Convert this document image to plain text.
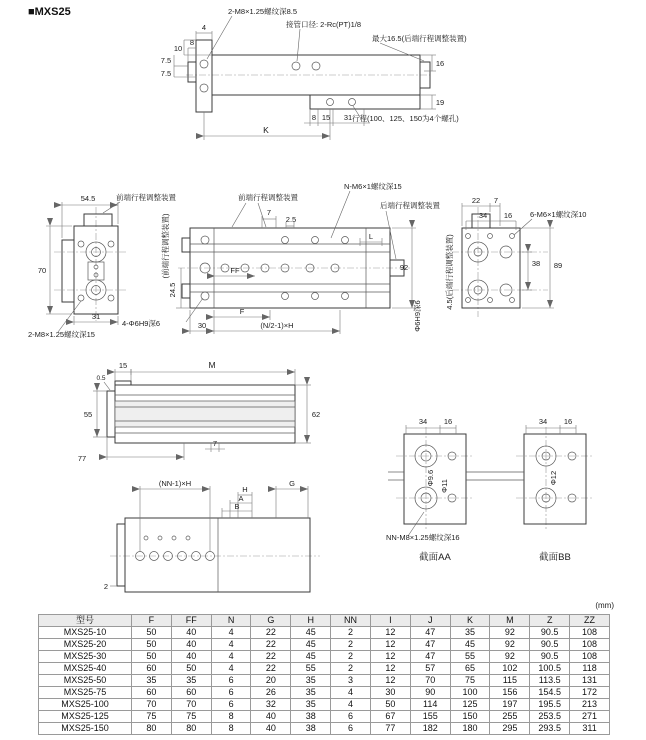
■MXS25	2-M8×1.25螺纹深8.5
接管口径: 2-Rc(PT)1/8
最大16.5(后端行程调整装置)
行程(100、125、150为4个螺孔)
4
8
10
7.5
7.5
16
19
8 15 31
K
54.5	前端行程调整装置
70
31
2-M8×1.25螺纹深15
前端行程调整装置
N-M6×1螺纹深15
后端行程调整装置
(前端行程调整装置)
7
2.5
L
92
24.5
FF
F
30	(N/2-1)×H
4-Φ6H9深6	Φ6H9深6
22 7
34 16 6-M6×1螺纹深10
38 89
4.5(后端行程调整装置)
0.5
15	M
55	62
7
77
(NN-1)×H	G
H
A
B
2
34 16
Φ9.6 Φ11
NN-M8×1.25螺纹深16
截面AA
34 16
Φ12
截面BB
(mm)
型号	F	FF	N	G	H	NN	I	J	K	M	Z	ZZ
MXS25-10	50	40	4	22	45	2	12	47	35	92	90.5	108
MXS25-20	50	40	4	22	45	2	12	47	45	92	90.5	108
MXS25-30	50	40	4	22	45	2	12	47	55	92	90.5	108
MXS25-40	60	50	4	22	55	2	12	57	65	102	100.5	118
MXS25-50	35	35	6	20	35	3	12	70	75	115	113.5	131
MXS25-75	60	60	6	26	35	4	30	90	100	156	154.5	172
MXS25-100	70	70	6	32	35	4	50	114	125	197	195.5	213
MXS25-125	75	75	8	40	38	6	67	155	150	255	253.5	271
MXS25-150	80	80	8	40	38	6	77	182	180	295	293.5	311
